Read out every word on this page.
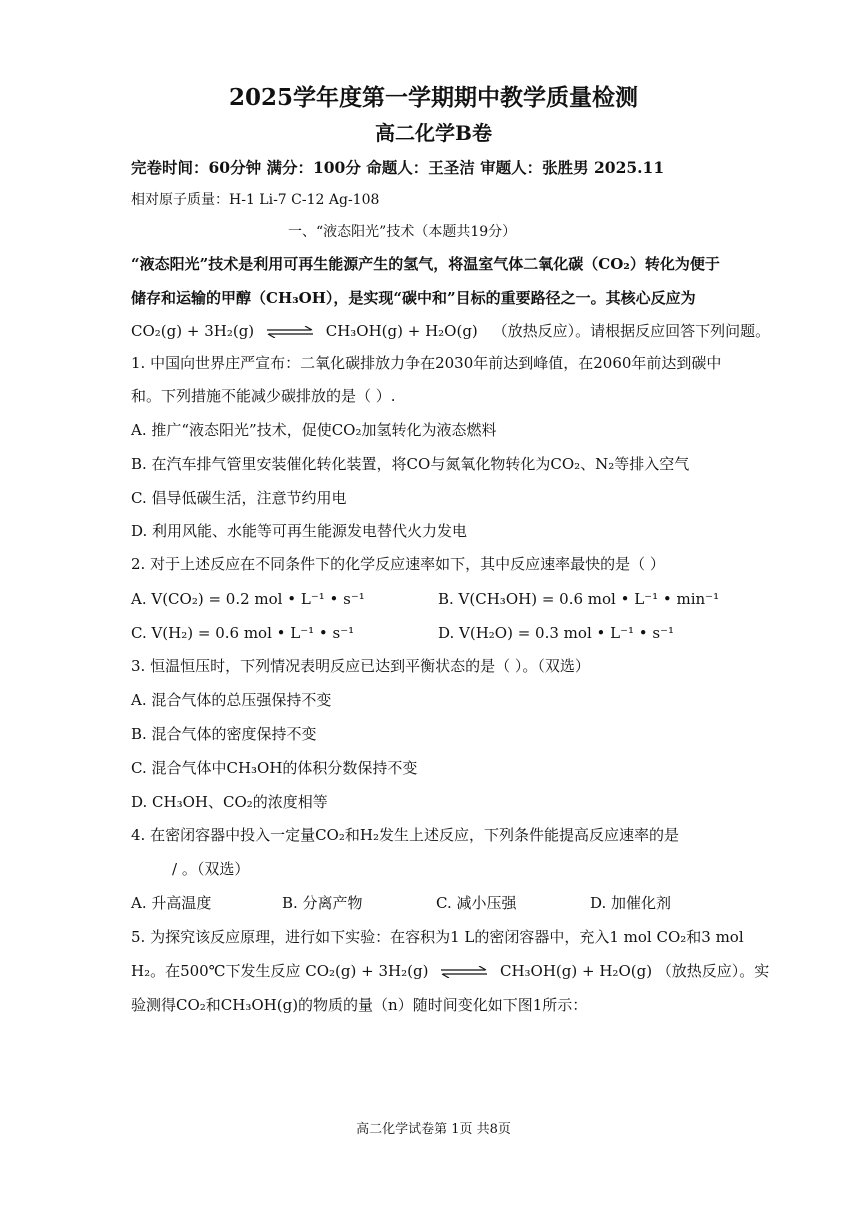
2025学年度第一学期期中教学质量检测
高二化学B卷
完卷时间：60分钟 满分：100分 命题人：王圣洁 审题人：张胜男 2025.11
相对原子质量：H-1 Li-7 C-12 Ag-108
一、“液态阳光”技术（本题共19分）
“液态阳光”技术是利用可再生能源产生的氢气，将温室气体二氧化碳（CO₂）转化为便于
储存和运输的甲醇（CH₃OH），是实现“碳中和”目标的重要路径之一。其核心反应为
CO₂(g) + 3H₂(g) ⇌ CH₃OH(g) + H₂O(g) （放热反应）。请根据反应回答下列问题。
1. 中国向世界庄严宣布：二氧化碳排放力争在2030年前达到峰值，在2060年前达到碳中
和。下列措施不能减少碳排放的是（ ）.
A. 推广“液态阳光”技术，促使CO₂加氢转化为液态燃料
B. 在汽车排气管里安装催化转化装置，将CO与氮氧化物转化为CO₂、N₂等排入空气
C. 倡导低碳生活，注意节约用电
D. 利用风能、水能等可再生能源发电替代火力发电
2. 对于上述反应在不同条件下的化学反应速率如下，其中反应速率最快的是（ ）
A. V(CO₂) = 0.2 mol • L⁻¹ • s⁻¹	B. V(CH₃OH) = 0.6 mol • L⁻¹ • min⁻¹
C. V(H₂) = 0.6 mol • L⁻¹ • s⁻¹	D. V(H₂O) = 0.3 mol • L⁻¹ • s⁻¹
3. 恒温恒压时，下列情况表明反应已达到平衡状态的是（ ）。（双选）
A. 混合气体的总压强保持不变
B. 混合气体的密度保持不变
C. 混合气体中CH₃OH的体积分数保持不变
D. CH₃OH、CO₂的浓度相等
4. 在密闭容器中投入一定量CO₂和H₂发生上述反应，下列条件能提高反应速率的是
/ 。（双选）
A. 升高温度	B. 分离产物	C. 减小压强	D. 加催化剂
5. 为探究该反应原理，进行如下实验：在容积为1 L的密闭容器中，充入1 mol CO₂和3 mol
H₂。在500℃下发生反应 CO₂(g) + 3H₂(g) ⇌ CH₃OH(g) + H₂O(g) （放热反应）。实
验测得CO₂和CH₃OH(g)的物质的量（n）随时间变化如下图1所示：
高二化学试卷第 1页 共8页
